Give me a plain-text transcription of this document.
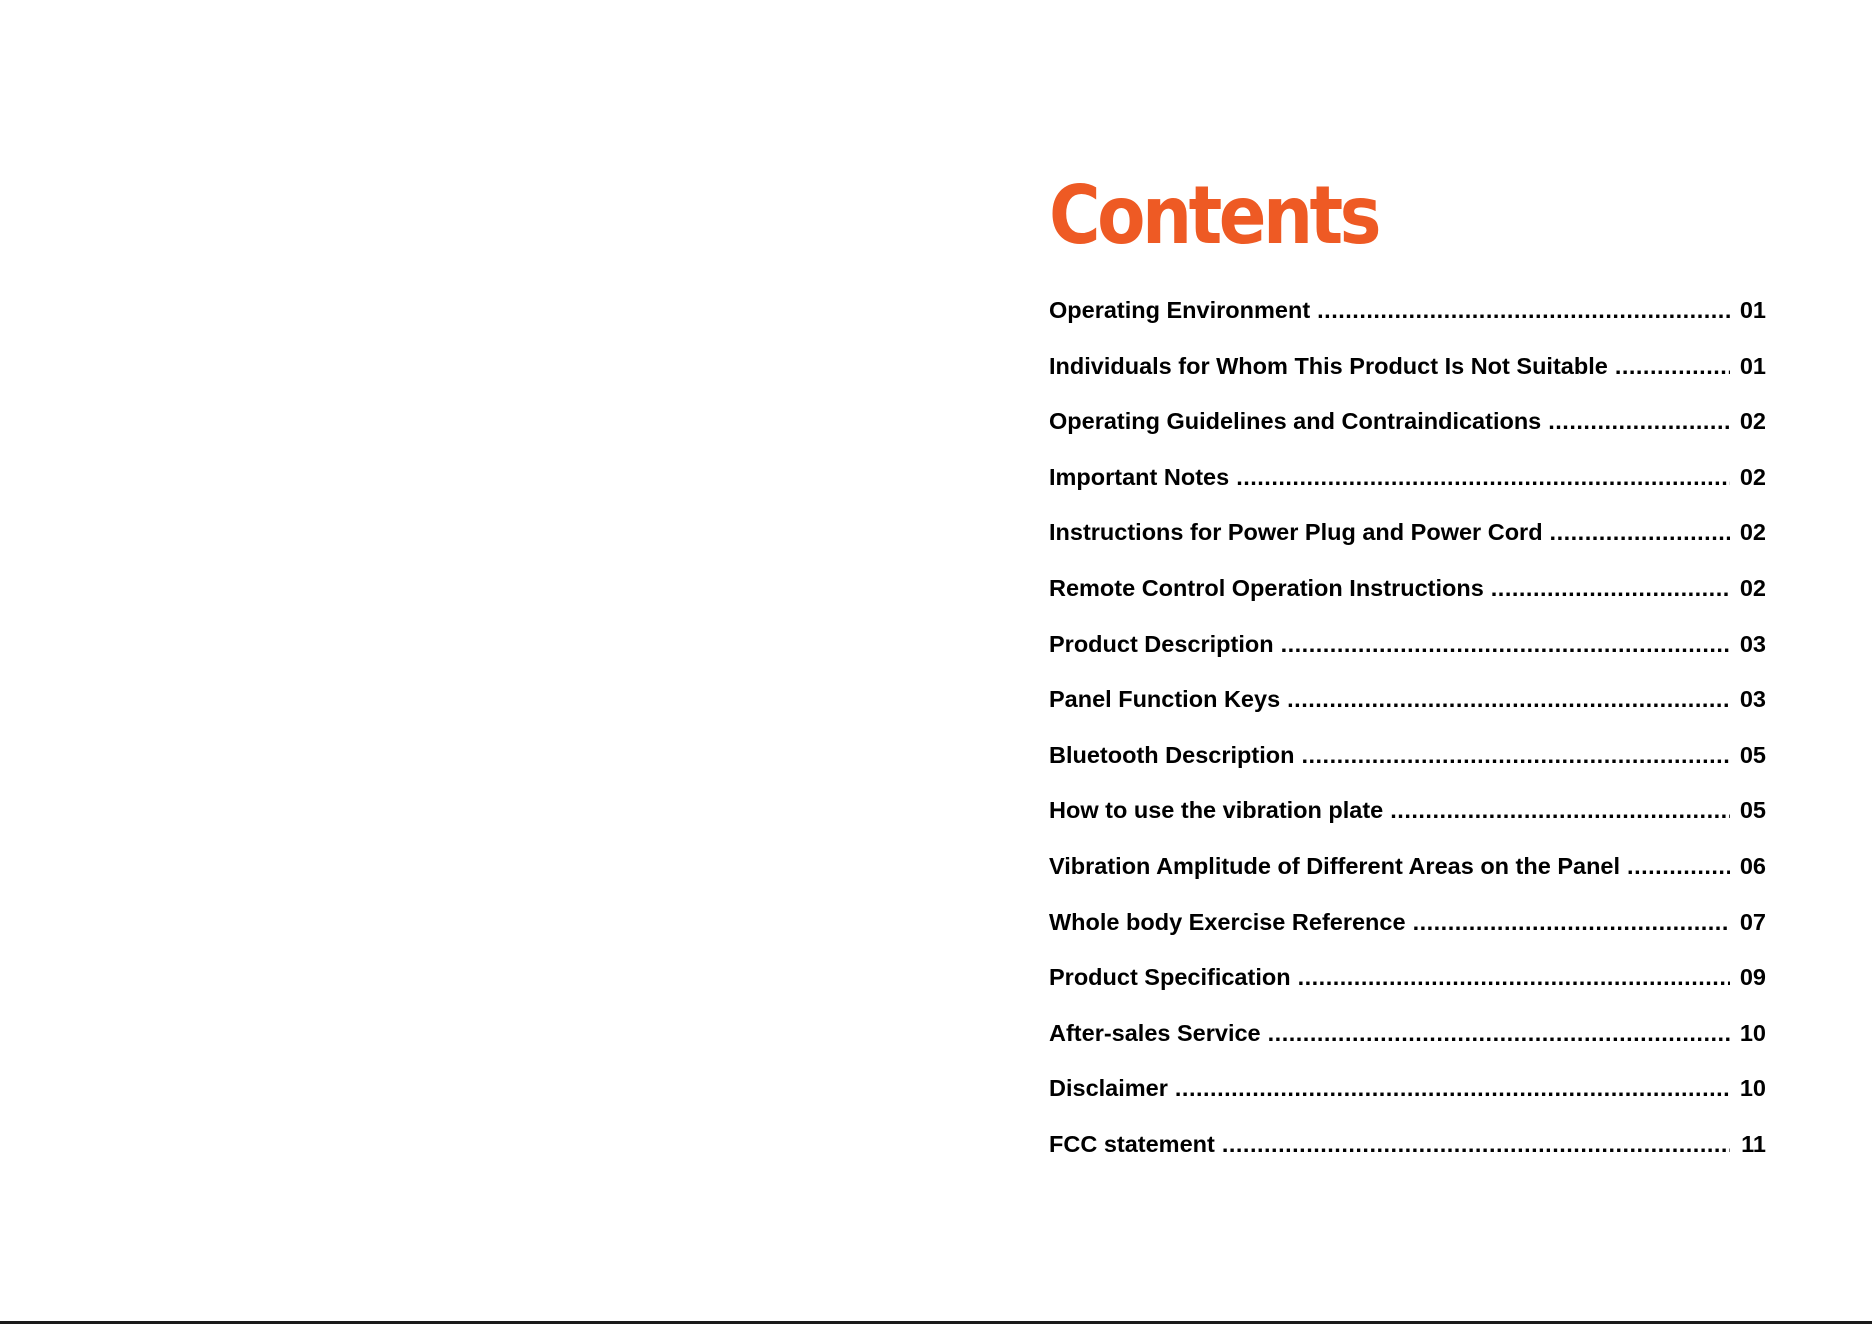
Contents
Operating Environment .....	01
Individuals for Whom This Product Is Not Suitable .....	01
Operating Guidelines and Contraindications .....	02
Important Notes .....	02
Instructions for Power Plug and Power Cord .....	02
Remote Control Operation Instructions .....	02
Product Description .....	03
Panel Function Keys .....	03
Bluetooth Description .....	05
How to use the vibration plate .....	05
Vibration Amplitude of Different Areas on the Panel .....	06
Whole body Exercise Reference .....	07
Product Specification .....	09
After-sales Service .....	10
Disclaimer .....	10
FCC statement .....	11
